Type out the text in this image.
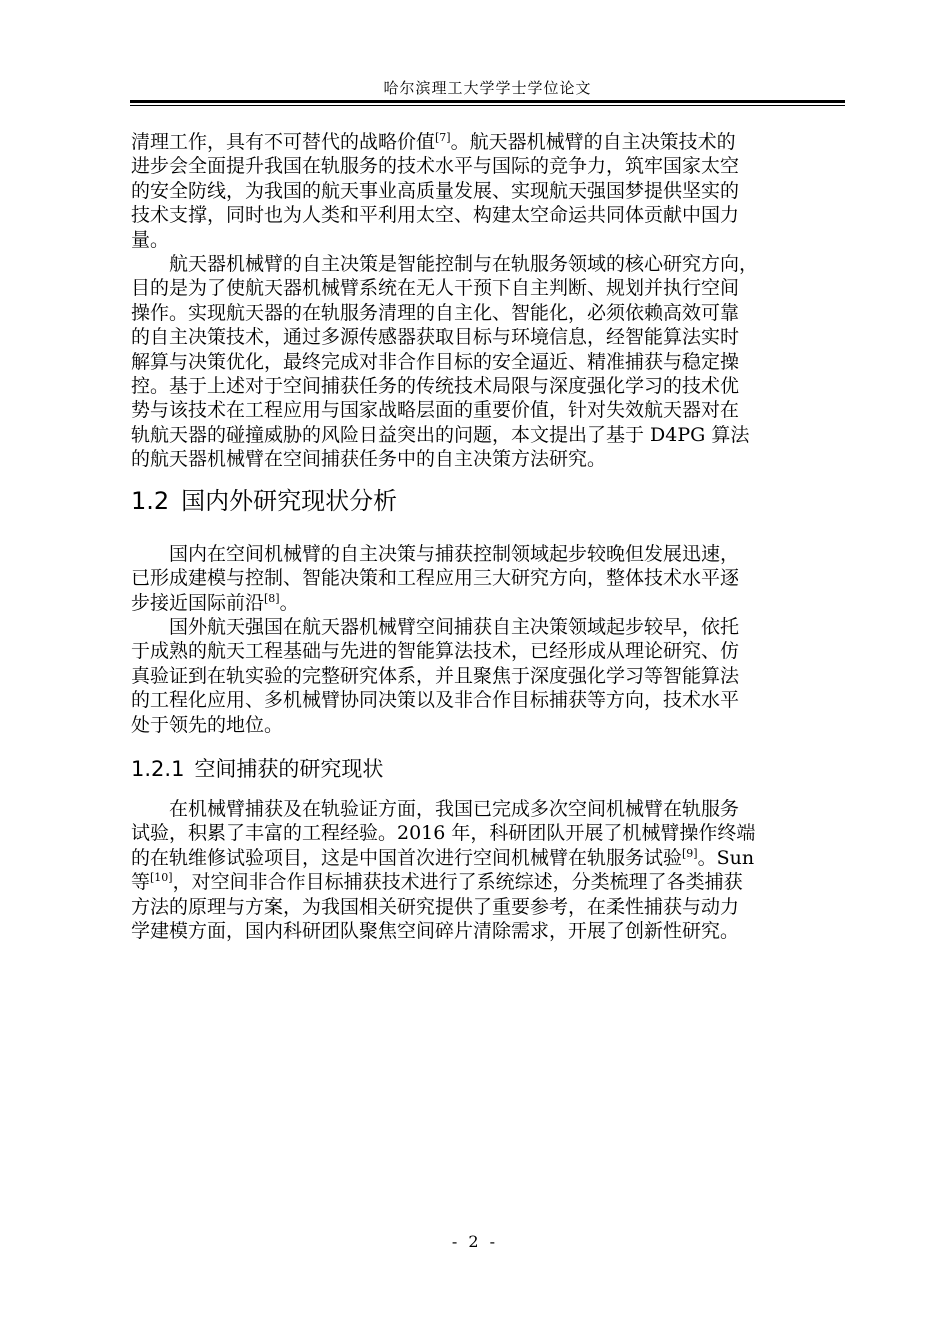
哈尔滨理工大学学士学位论文

清理工作，具有不可替代的战略价值[7]。航天器机械臂的自主决策技术的
进步会全面提升我国在轨服务的技术水平与国际的竞争力，筑牢国家太空
的安全防线，为我国的航天事业高质量发展、实现航天强国梦提供坚实的
技术支撑，同时也为人类和平利用太空、构建太空命运共同体贡献中国力
量。

航天器机械臂的自主决策是智能控制与在轨服务领域的核心研究方向，
目的是为了使航天器机械臂系统在无人干预下自主判断、规划并执行空间
操作。实现航天器的在轨服务清理的自主化、智能化，必须依赖高效可靠
的自主决策技术，通过多源传感器获取目标与环境信息，经智能算法实时
解算与决策优化，最终完成对非合作目标的安全逼近、精准捕获与稳定操
控。基于上述对于空间捕获任务的传统技术局限与深度强化学习的技术优
势与该技术在工程应用与国家战略层面的重要价值，针对失效航天器对在
轨航天器的碰撞威胁的风险日益突出的问题，本文提出了基于 D4PG 算法
的航天器机械臂在空间捕获任务中的自主决策方法研究。

1.2 国内外研究现状分析

国内在空间机械臂的自主决策与捕获控制领域起步较晚但发展迅速，
已形成建模与控制、智能决策和工程应用三大研究方向，整体技术水平逐
步接近国际前沿[8]。

国外航天强国在航天器机械臂空间捕获自主决策领域起步较早，依托
于成熟的航天工程基础与先进的智能算法技术，已经形成从理论研究、仿
真验证到在轨实验的完整研究体系，并且聚焦于深度强化学习等智能算法
的工程化应用、多机械臂协同决策以及非合作目标捕获等方向，技术水平
处于领先的地位。

1.2.1 空间捕获的研究现状

在机械臂捕获及在轨验证方面，我国已完成多次空间机械臂在轨服务
试验，积累了丰富的工程经验。2016 年，科研团队开展了机械臂操作终端
的在轨维修试验项目，这是中国首次进行空间机械臂在轨服务试验[9]。Sun
等[10]，对空间非合作目标捕获技术进行了系统综述，分类梳理了各类捕获
方法的原理与方案，为我国相关研究提供了重要参考，在柔性捕获与动力
学建模方面，国内科研团队聚焦空间碎片清除需求，开展了创新性研究。

- 2 -
